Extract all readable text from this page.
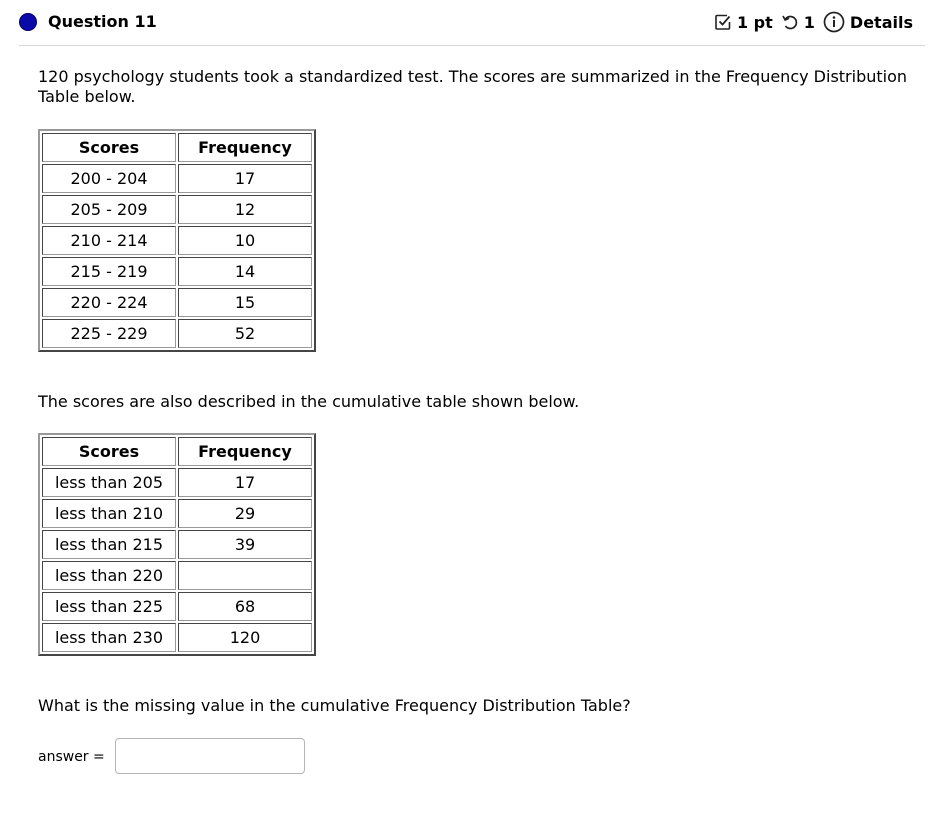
Question 11	1 pt 1 Details
120 psychology students took a standardized test. The scores are summarized in the Frequency Distribution Table below.
Scores	Frequency
200 - 204	17
205 - 209	12
210 - 214	10
215 - 219	14
220 - 224	15
225 - 229	52
The scores are also described in the cumulative table shown below.
Scores	Frequency
less than 205	17
less than 210	29
less than 215	39
less than 220	
less than 225	68
less than 230	120
What is the missing value in the cumulative Frequency Distribution Table?
answer =
